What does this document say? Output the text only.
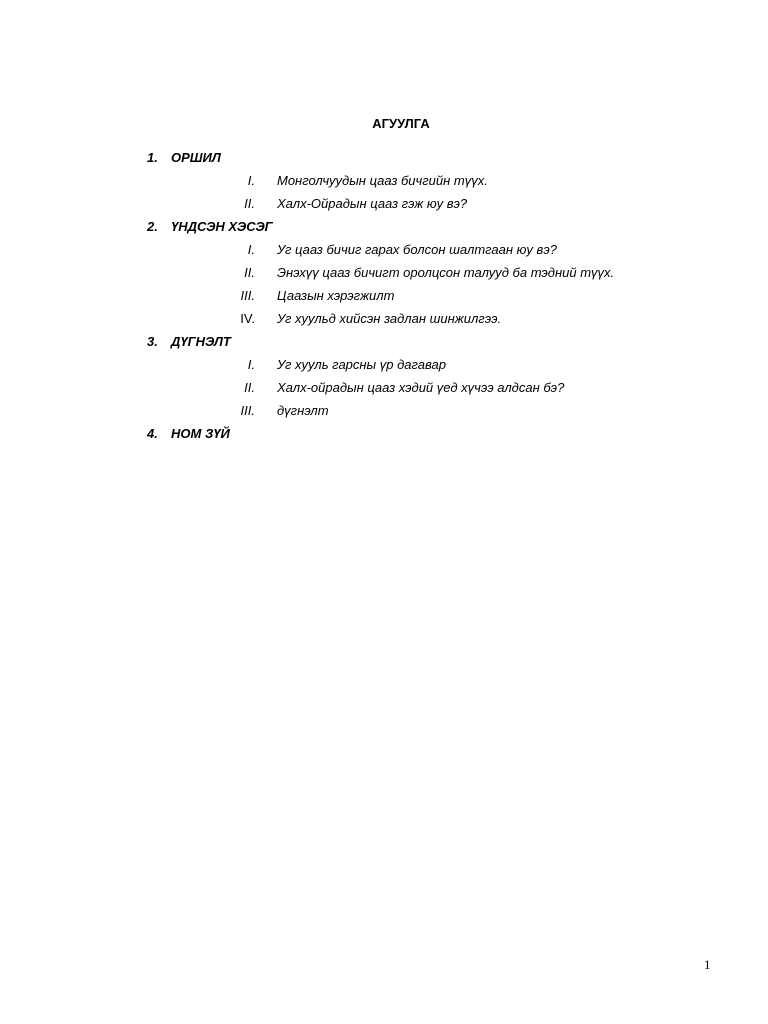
АГУУЛГА
1. ОРШИЛ
I. Монголчуудын цааз бичгийн түүх.
II. Халх-Ойрадын цааз гэж юу вэ?
2. ҮНДСЭН ХЭСЭГ
I. Уг цааз бичиг гарах болсон шалтгаан юу вэ?
II. Энэхүү цааз бичигт оролцсон талууд ба тэдний түүх.
III. Цаазын хэрэгжилт
IV. Уг хуульд хийсэн задлан шинжилгээ.
3. ДҮГНЭЛТ
I. Уг хууль гарсны үр дагавар
II. Халх-ойрадын цааз хэдий үед хүчээ алдсан бэ?
III. дүгнэлт
4. НОМ ЗҮЙ
1
